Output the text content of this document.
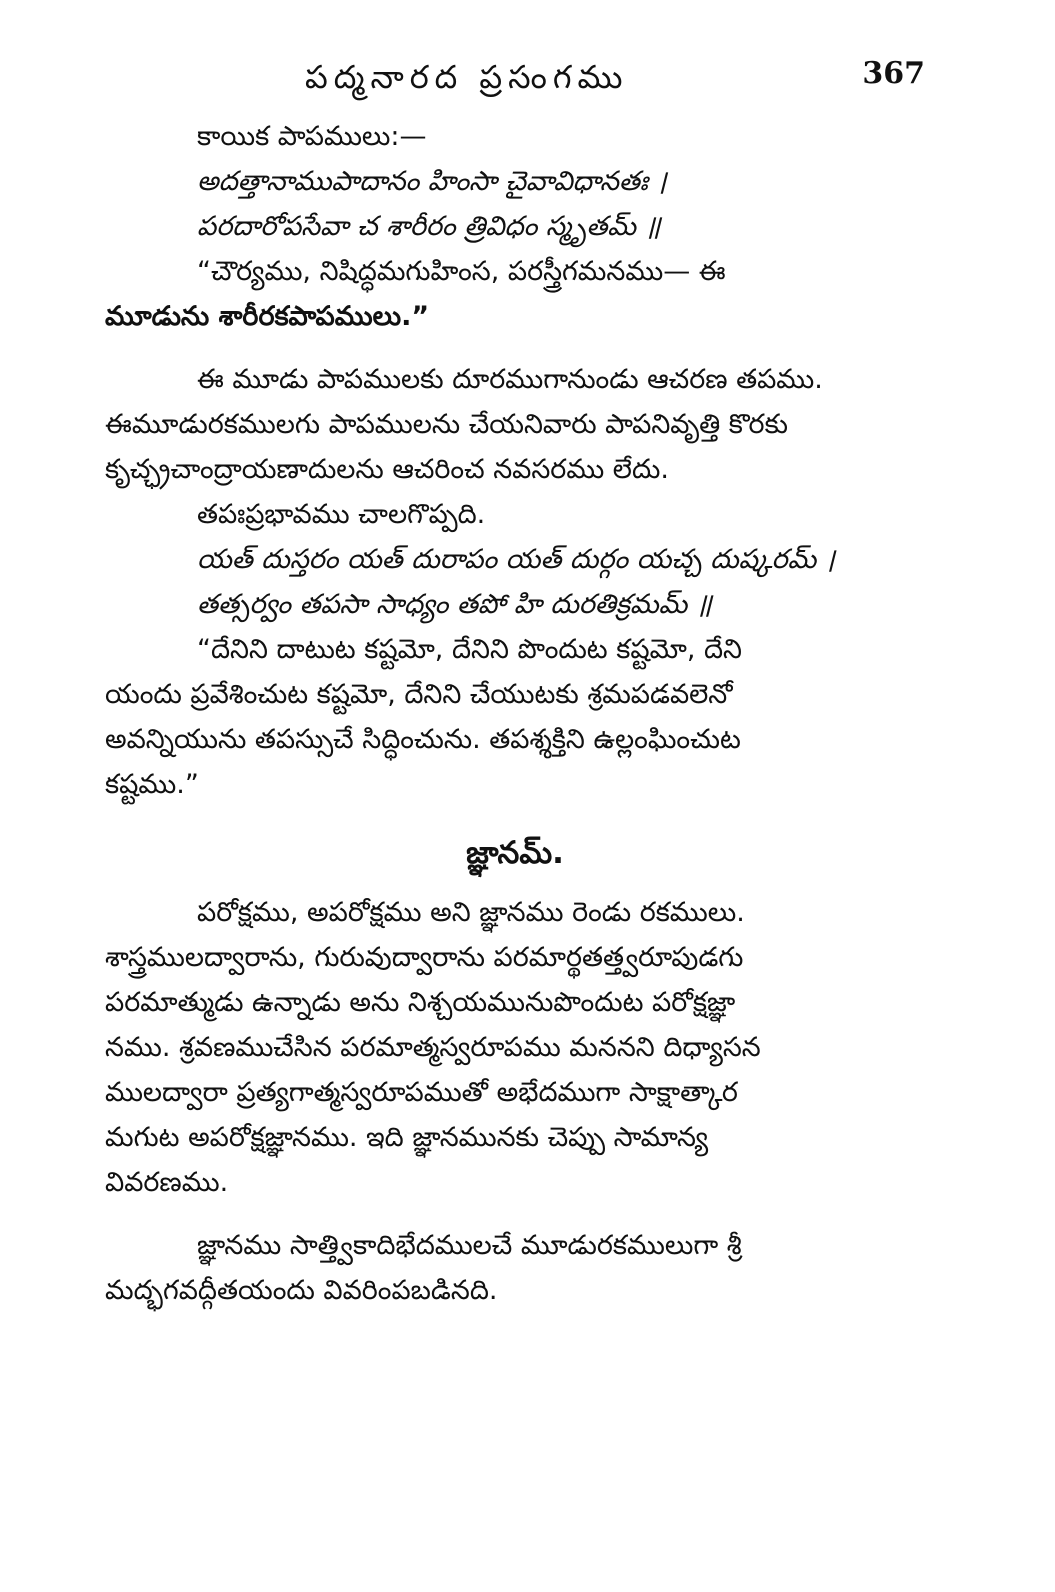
పద్మనారద ప్రసంగము	367
కాయిక పాపములు:—
అదత్తానాముపాదానం హింసా చైవావిధానతః ।
పరదారోపసేవా చ శారీరం త్రివిధం స్మృతమ్ ॥
“చౌర్యము, నిషిద్ధమగుహింస, పరస్త్రీగమనము— ఈ
మూడును శారీరకపాపములు.”
ఈ మూడు పాపములకు దూరముగానుండు ఆచరణ తపము.
ఈమూడురకములగు పాపములను చేయనివారు పాపనివృత్తి కొరకు
కృచ్ఛ్రచాంద్రాయణాదులను ఆచరించ నవసరము లేదు.
తపఃప్రభావము చాలగొప్పది.
యత్ దుస్తరం యత్ దురాపం యత్ దుర్గం యచ్చ దుష్కరమ్ ।
తత్సర్వం తపసా సాధ్యం తపో హి దురతిక్రమమ్ ॥
“దేనిని దాటుట కష్టమో, దేనిని పొందుట కష్టమో, దేని
యందు ప్రవేశించుట కష్టమో, దేనిని చేయుటకు శ్రమపడవలెనో
అవన్నియును తపస్సుచే సిద్ధించును. తపశ్శక్తిని ఉల్లంఘించుట
కష్టము.”
జ్ఞానమ్.
పరోక్షము, అపరోక్షము అని జ్ఞానము రెండు రకములు.
శాస్త్రములద్వారాను, గురువుద్వారాను పరమార్థతత్త్వరూపుడగు
పరమాత్ముడు ఉన్నాడు అను నిశ్చయమునుపొందుట పరోక్షజ్ఞా
నము. శ్రవణముచేసిన పరమాత్మస్వరూపము మననని దిధ్యాసన
ములద్వారా ప్రత్యగాత్మస్వరూపముతో అభేదముగా సాక్షాత్కార
మగుట అపరోక్షజ్ఞానము. ఇది జ్ఞానమునకు చెప్పు సామాన్య
వివరణము.
జ్ఞానము సాత్త్వికాదిభేదములచే మూడురకములుగా శ్రీ
మద్భగవద్గీతయందు వివరింపబడినది.
